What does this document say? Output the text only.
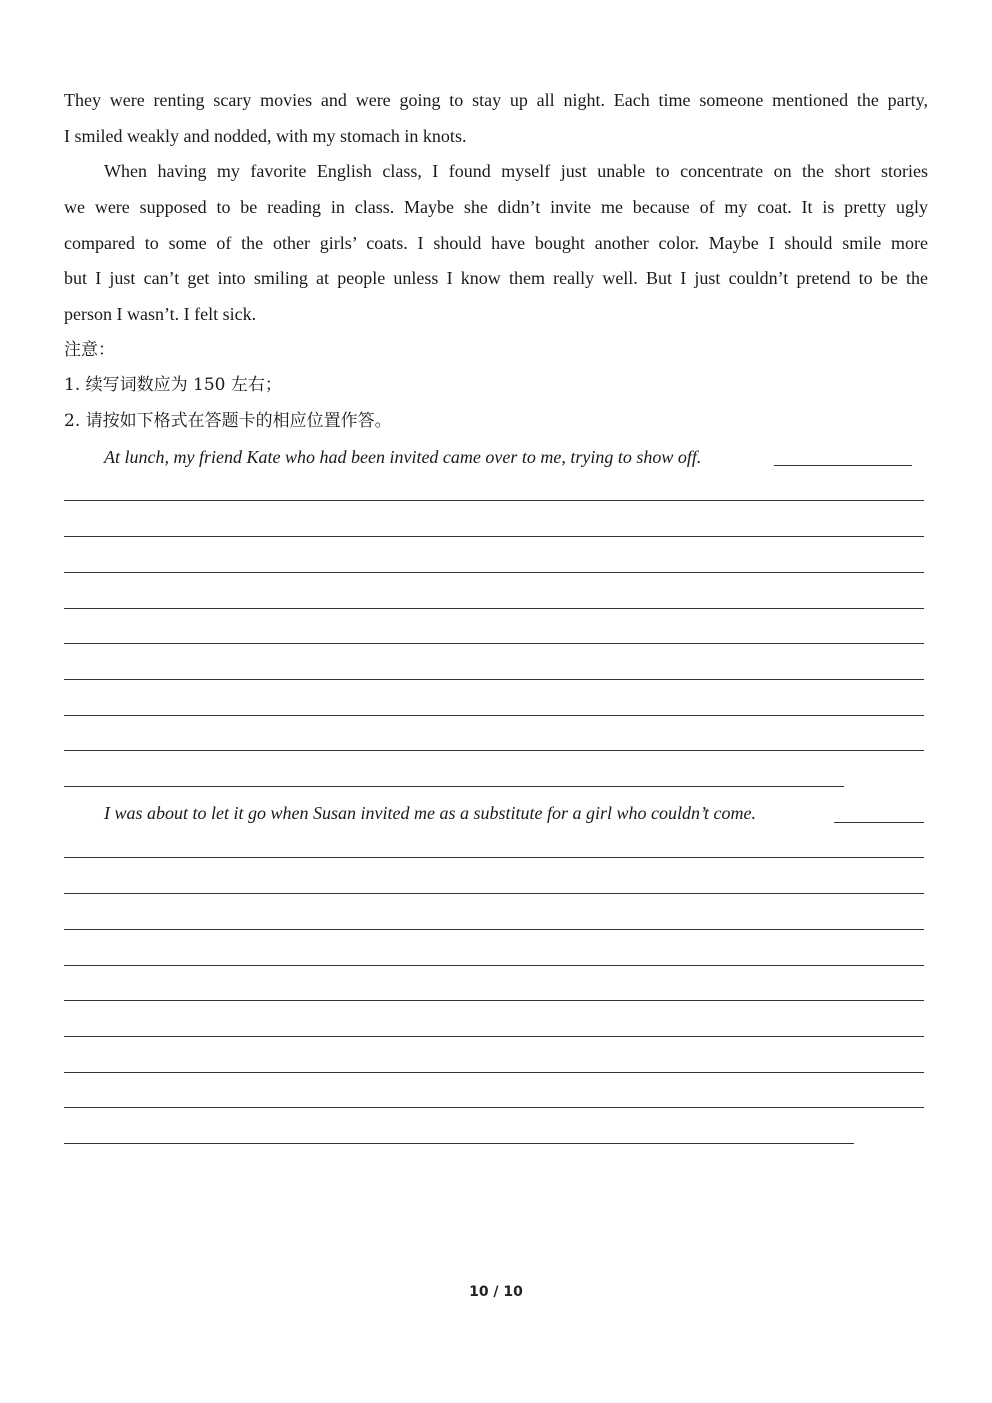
They were renting scary movies and were going to stay up all night. Each time someone mentioned the party,
I smiled weakly and nodded, with my stomach in knots.
When having my favorite English class, I found myself just unable to concentrate on the short stories
we were supposed to be reading in class. Maybe she didn’t invite me because of my coat. It is pretty ugly
compared to some of the other girls’ coats. I should have bought another color. Maybe I should smile more
but I just can’t get into smiling at people unless I know them really well. But I just couldn’t pretend to be the
person I wasn’t. I felt sick.
注意：
1. 续写词数应为 150 左右；
2. 请按如下格式在答题卡的相应位置作答。
At lunch, my friend Kate who had been invited came over to me, trying to show off.
I was about to let it go when Susan invited me as a substitute for a girl who couldn’t come.
10 / 10
